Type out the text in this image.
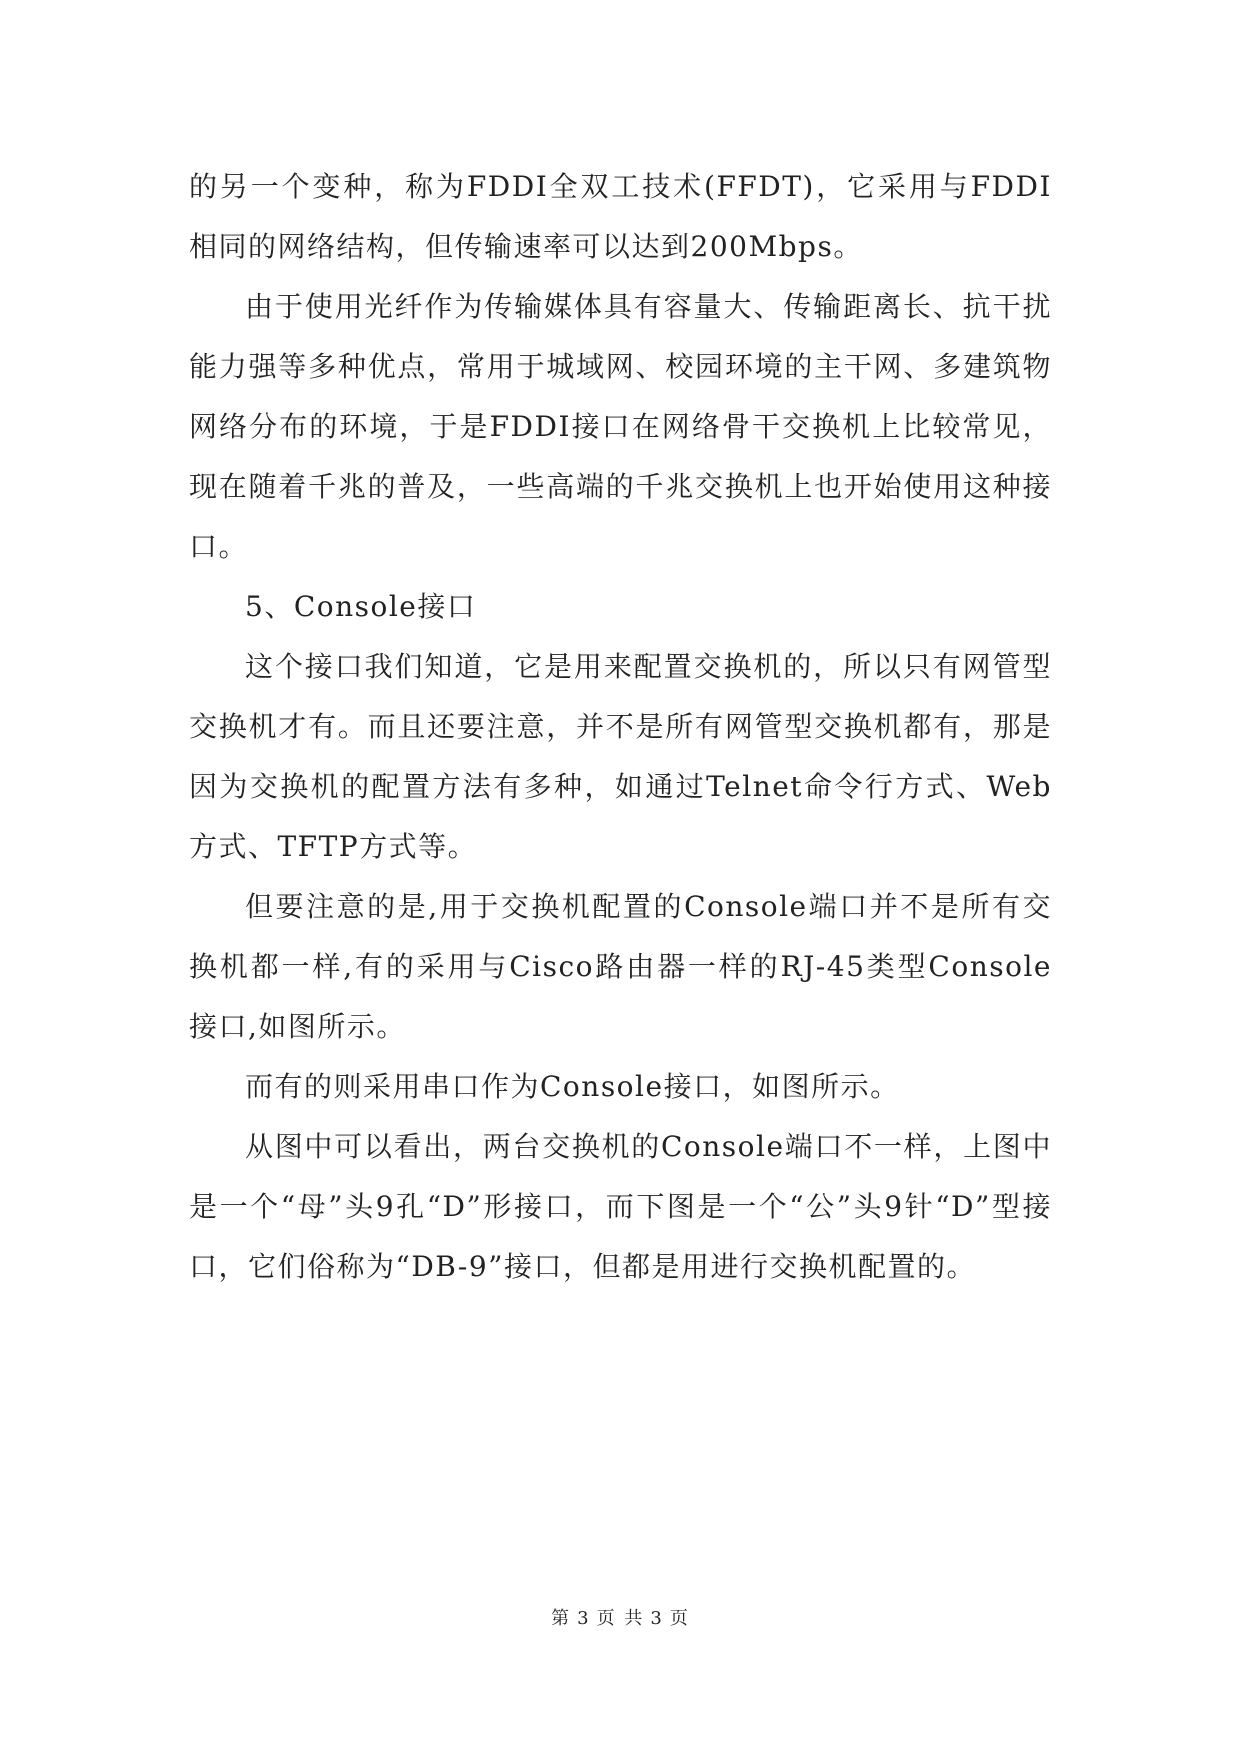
的另一个变种，称为FDDI全双工技术(FFDT)，它采用与FDDI相同的网络结构，但传输速率可以达到200Mbps。

由于使用光纤作为传输媒体具有容量大、传输距离长、抗干扰能力强等多种优点，常用于城域网、校园环境的主干网、多建筑物网络分布的环境，于是FDDI接口在网络骨干交换机上比较常见，现在随着千兆的普及，一些高端的千兆交换机上也开始使用这种接口。

5、Console接口

这个接口我们知道，它是用来配置交换机的，所以只有网管型交换机才有。而且还要注意，并不是所有网管型交换机都有，那是因为交换机的配置方法有多种，如通过Telnet命令行方式、Web方式、TFTP方式等。

但要注意的是,用于交换机配置的Console端口并不是所有交换机都一样,有的采用与Cisco路由器一样的RJ-45类型Console接口,如图所示。

而有的则采用串口作为Console接口，如图所示。

从图中可以看出，两台交换机的Console端口不一样，上图中是一个“母”头9孔“D”形接口，而下图是一个“公”头9针“D”型接口，它们俗称为“DB-9”接口，但都是用进行交换机配置的。

第 3 页 共 3 页
